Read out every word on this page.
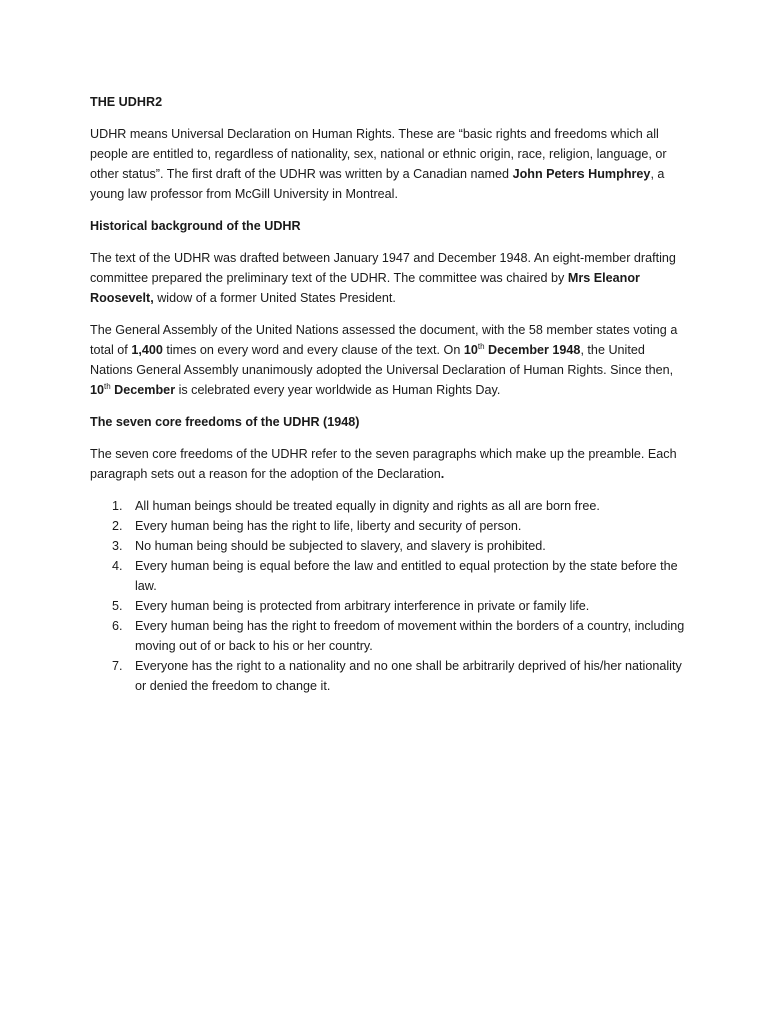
THE UDHR2

UDHR means Universal Declaration on Human Rights. These are “basic rights and freedoms which all people are entitled to, regardless of nationality, sex, national or ethnic origin, race, religion, language, or other status”. The first draft of the UDHR was written by a Canadian named John Peters Humphrey, a young law professor from McGill University in Montreal.

Historical background of the UDHR

The text of the UDHR was drafted between January 1947 and December 1948. An eight-member drafting committee prepared the preliminary text of the UDHR. The committee was chaired by Mrs Eleanor Roosevelt, widow of a former United States President.

The General Assembly of the United Nations assessed the document, with the 58 member states voting a total of 1,400 times on every word and every clause of the text. On 10th December 1948, the United Nations General Assembly unanimously adopted the Universal Declaration of Human Rights. Since then, 10th December is celebrated every year worldwide as Human Rights Day.

The seven core freedoms of the UDHR (1948)

The seven core freedoms of the UDHR refer to the seven paragraphs which make up the preamble. Each paragraph sets out a reason for the adoption of the Declaration.

1. All human beings should be treated equally in dignity and rights as all are born free.
2. Every human being has the right to life, liberty and security of person.
3. No human being should be subjected to slavery, and slavery is prohibited.
4. Every human being is equal before the law and entitled to equal protection by the state before the law.
5. Every human being is protected from arbitrary interference in private or family life.
6. Every human being has the right to freedom of movement within the borders of a country, including moving out of or back to his or her country.
7. Everyone has the right to a nationality and no one shall be arbitrarily deprived of his/her nationality or denied the freedom to change it.
